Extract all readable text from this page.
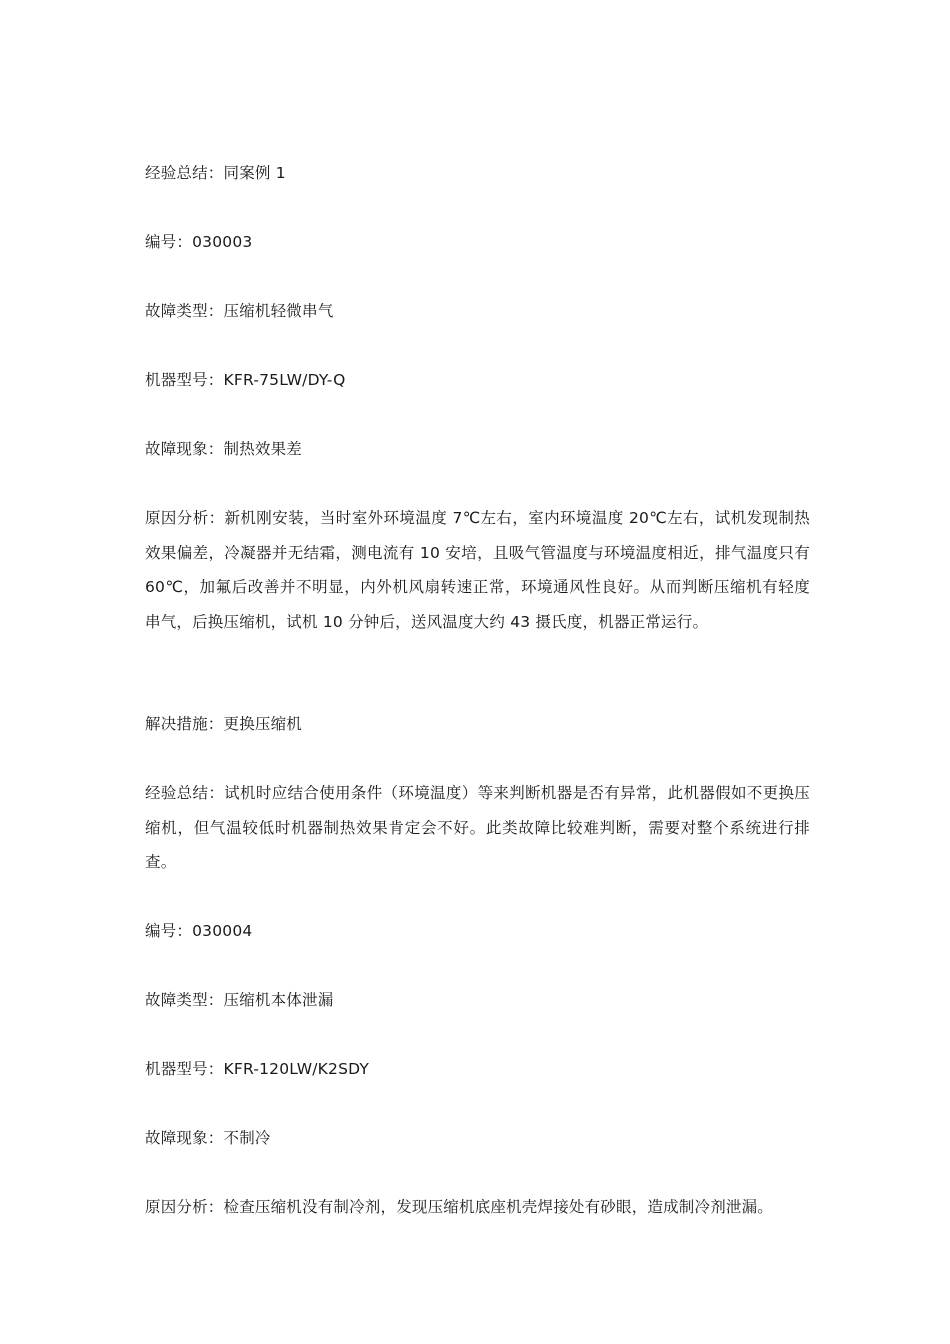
经验总结：同案例 1

编号：030003

故障类型：压缩机轻微串气

机器型号：KFR-75LW/DY-Q

故障现象：制热效果差

原因分析：新机刚安装，当时室外环境温度 7℃左右，室内环境温度 20℃左右，试机发现制热效果偏差，冷凝器并无结霜，测电流有 10 安培，且吸气管温度与环境温度相近，排气温度只有 60℃，加氟后改善并不明显，内外机风扇转速正常，环境通风性良好。从而判断压缩机有轻度串气，后换压缩机，试机 10 分钟后，送风温度大约 43 摄氏度，机器正常运行。

解决措施：更换压缩机

经验总结：试机时应结合使用条件（环境温度）等来判断机器是否有异常，此机器假如不更换压缩机，但气温较低时机器制热效果肯定会不好。此类故障比较难判断，需要对整个系统进行排查。

编号：030004

故障类型：压缩机本体泄漏

机器型号：KFR-120LW/K2SDY

故障现象：不制冷

原因分析：检查压缩机没有制冷剂，发现压缩机底座机壳焊接处有砂眼，造成制冷剂泄漏。
